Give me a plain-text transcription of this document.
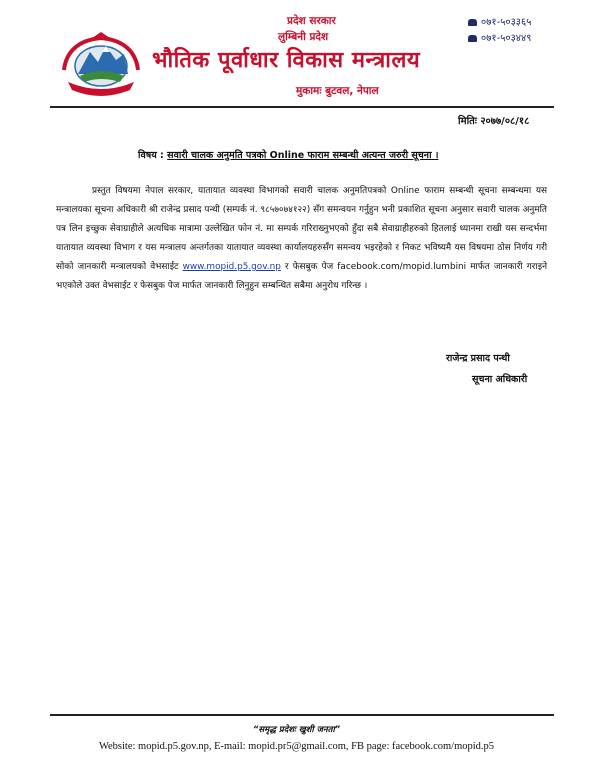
प्रदेश सरकार
लुम्बिनी प्रदेश
भौतिक पूर्वाधार विकास मन्त्रालय
मुकामः बुटवल, नेपाल
०७१-५०३३६५
०७१-५०३४४९
मितिः २०७७/०८/१८
विषय : सवारी चालक अनुमति पत्रको Online फाराम सम्बन्धी अत्यन्त जरुरी सूचना ।

प्रस्तुत विषयमा नेपाल सरकार, यातायात व्यवस्था विभागको सवारी चालक अनुमतिपत्रको Online फाराम सम्बन्धी सूचना सम्बन्धमा यस मन्त्रालयका सूचना अधिकारी श्री राजेन्द्र प्रसाद पन्थी (सम्पर्क नं. ९८५७०७४१२२) सँग समन्वयन गर्नुहुन भनी प्रकाशित सूचना अनुसार सवारी चालक अनुमति पत्र लिन इच्छुक सेवाग्राहीले अत्यधिक मात्रामा उल्लेखित फोन नं. मा सम्पर्क गरिराख्नुभएको हुँदा सबै सेवाग्राहीहरुको हितलाई ध्यानमा राखी यस सन्दर्भमा यातायात व्यवस्था विभाग र यस मन्त्रालय अन्तर्गतका यातायात व्यवस्था कार्यालयहरुसँग समन्वय भइरहेको र निकट भविष्यमै यस विषयमा ठोस निर्णय गरी सोको जानकारी मन्त्रालयको वेभसाईट www.mopid.p5.gov.np र फेसबुक पेज facebook.com/mopid.lumbini मार्फत जानकारी गराइने भएकोले उक्त वेभसाईट र फेसबुक पेज मार्फत जानकारी लिनुहुन सम्बन्धित सबैमा अनुरोध गरिन्छ ।

राजेन्द्र प्रसाद पन्थी
सूचना अधिकारी
“समृद्ध प्रदेशः खुशी जनता”
Website: mopid.p5.gov.np, E-mail: mopid.pr5@gmail.com, FB page: facebook.com/mopid.p5
